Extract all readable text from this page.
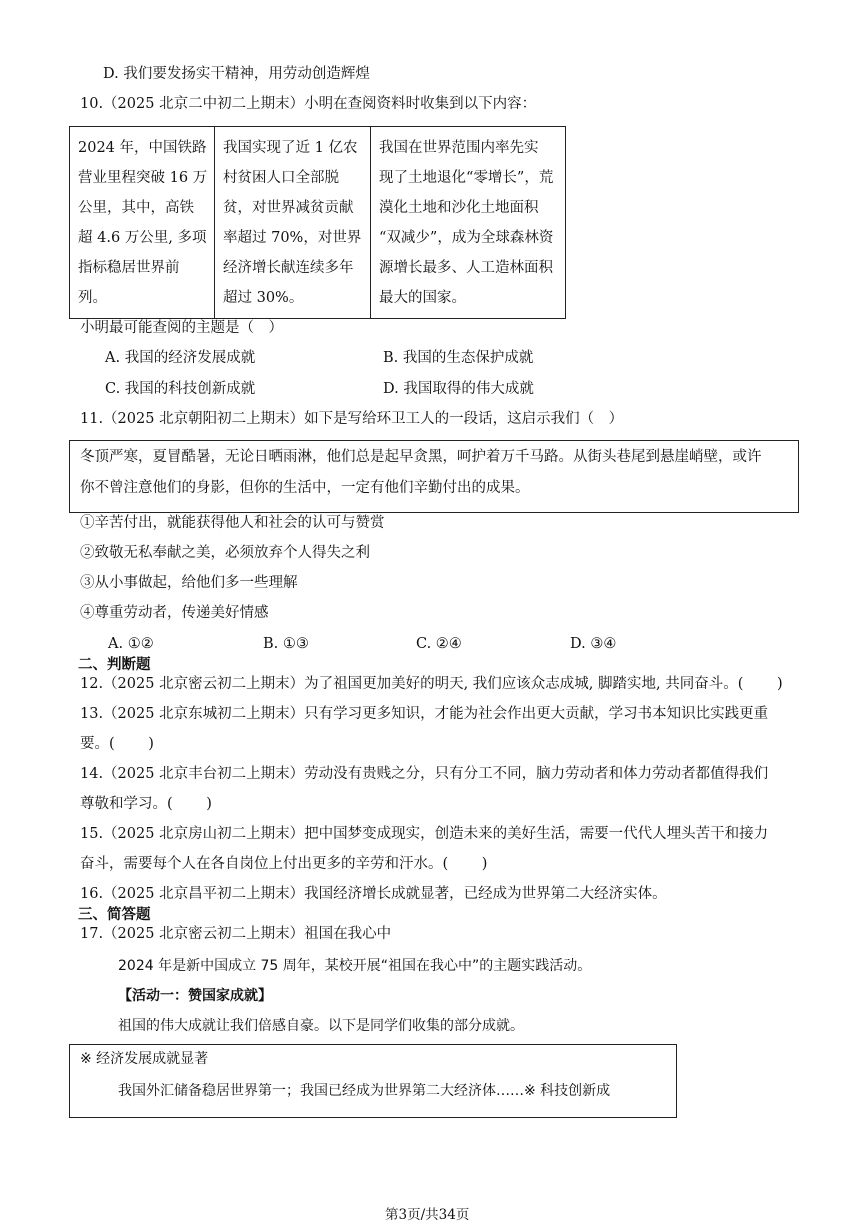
D. 我们要发扬实干精神，用劳动创造辉煌
10.（2025 北京二中初二上期末）小明在查阅资料时收集到以下内容：
2024 年，中国铁路
营业里程突破 16 万
公里，其中，高铁
超 4.6 万公里, 多项
指标稳居世界前
列。
我国实现了近 1 亿农
村贫困人口全部脱
贫，对世界减贫贡献
率超过 70%，对世界
经济增长献连续多年
超过 30%。
我国在世界范围内率先实
现了土地退化“零增长”，荒
漠化土地和沙化土地面积
“双减少”，成为全球森林资
源增长最多、人工造林面积
最大的国家。
小明最可能查阅的主题是（　）
A. 我国的经济发展成就	B. 我国的生态保护成就
C. 我国的科技创新成就	D. 我国取得的伟大成就
11.（2025 北京朝阳初二上期末）如下是写给环卫工人的一段话，这启示我们（　）
冬顶严寒，夏冒酷暑，无论日晒雨淋，他们总是起早贪黑，呵护着万千马路。从街头巷尾到悬崖峭壁，或许
你不曾注意他们的身影，但你的生活中，一定有他们辛勤付出的成果。
①辛苦付出，就能获得他人和社会的认可与赞赏
②致敬无私奉献之美，必须放弃个人得失之利
③从小事做起，给他们多一些理解
④尊重劳动者，传递美好情感
A. ①②	B. ①③	C. ②④	D. ③④
二、判断题
12.（2025 北京密云初二上期末）为了祖国更加美好的明天, 我们应该众志成城, 脚踏实地, 共同奋斗。(　　 )
13.（2025 北京东城初二上期末）只有学习更多知识，才能为社会作出更大贡献，学习书本知识比实践更重
要。(　　 )
14.（2025 北京丰台初二上期末）劳动没有贵贱之分，只有分工不同，脑力劳动者和体力劳动者都值得我们
尊敬和学习。(　　 )
15.（2025 北京房山初二上期末）把中国梦变成现实，创造未来的美好生活，需要一代代人埋头苦干和接力
奋斗，需要每个人在各自岗位上付出更多的辛劳和汗水。(　　 )
16.（2025 北京昌平初二上期末）我国经济增长成就显著，已经成为世界第二大经济实体。
三、简答题
17.（2025 北京密云初二上期末）祖国在我心中
2024 年是新中国成立 75 周年，某校开展“祖国在我心中”的主题实践活动。
【活动一：赞国家成就】
祖国的伟大成就让我们倍感自豪。以下是同学们收集的部分成就。
※ 经济发展成就显著
我国外汇储备稳居世界第一；我国已经成为世界第二大经济体……※ 科技创新成
第3页/共34页
